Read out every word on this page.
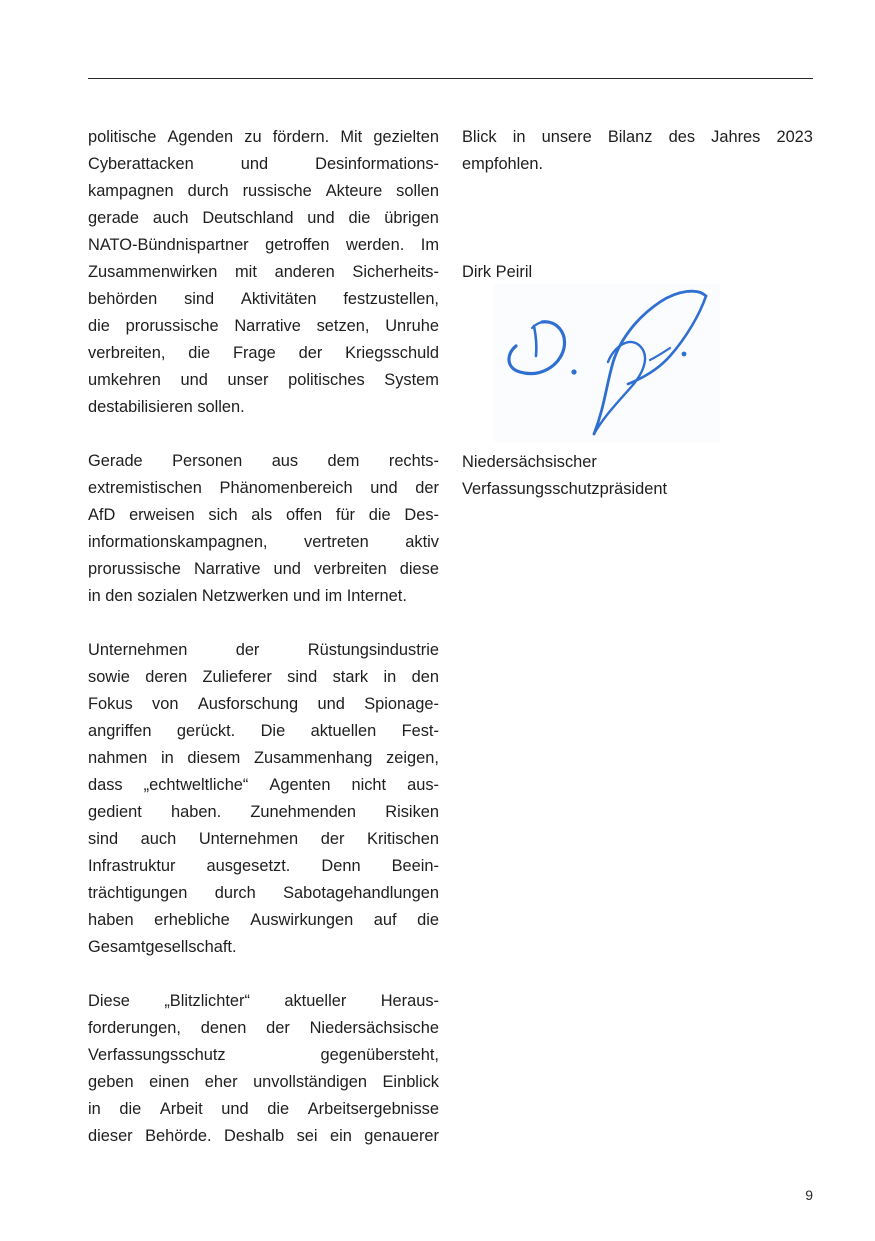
politische Agenden zu fördern. Mit gezielten
Cyberattacken	und	Desinformations-
kampagnen durch russische Akteure sollen
gerade auch Deutschland und die übrigen
NATO-Bündnispartner getroffen werden. Im
Zusammenwirken mit anderen Sicherheits-
behörden sind Aktivitäten festzustellen,
die prorussische Narrative setzen, Unruhe
verbreiten, die Frage der Kriegsschuld
umkehren und unser politisches System
destabilisieren sollen.
Gerade Personen aus dem rechts-
extremistischen Phänomenbereich und der
AfD erweisen sich als offen für die Des-
informationskampagnen, vertreten aktiv
prorussische Narrative und verbreiten diese
in den sozialen Netzwerken und im Internet.
Unternehmen	der	Rüstungsindustrie
sowie deren Zulieferer sind stark in den
Fokus von Ausforschung und Spionage-
angriffen gerückt. Die aktuellen Fest-
nahmen in diesem Zusammenhang zeigen,
dass „echtweltliche“ Agenten nicht aus-
gedient haben. Zunehmenden Risiken
sind auch Unternehmen der Kritischen
Infrastruktur ausgesetzt. Denn Beein-
trächtigungen durch Sabotagehandlungen
haben erhebliche Auswirkungen auf die
Gesamtgesellschaft.
Diese „Blitzlichter“ aktueller Heraus-
forderungen, denen der Niedersächsische
Verfassungsschutz	gegenübersteht,
geben einen eher unvollständigen Einblick
in die Arbeit und die Arbeitsergebnisse
dieser Behörde. Deshalb sei ein genauerer
Blick in unsere Bilanz des Jahres 2023
empfohlen.
Dirk Peiril
Niedersächsischer
Verfassungsschutzpräsident
9
